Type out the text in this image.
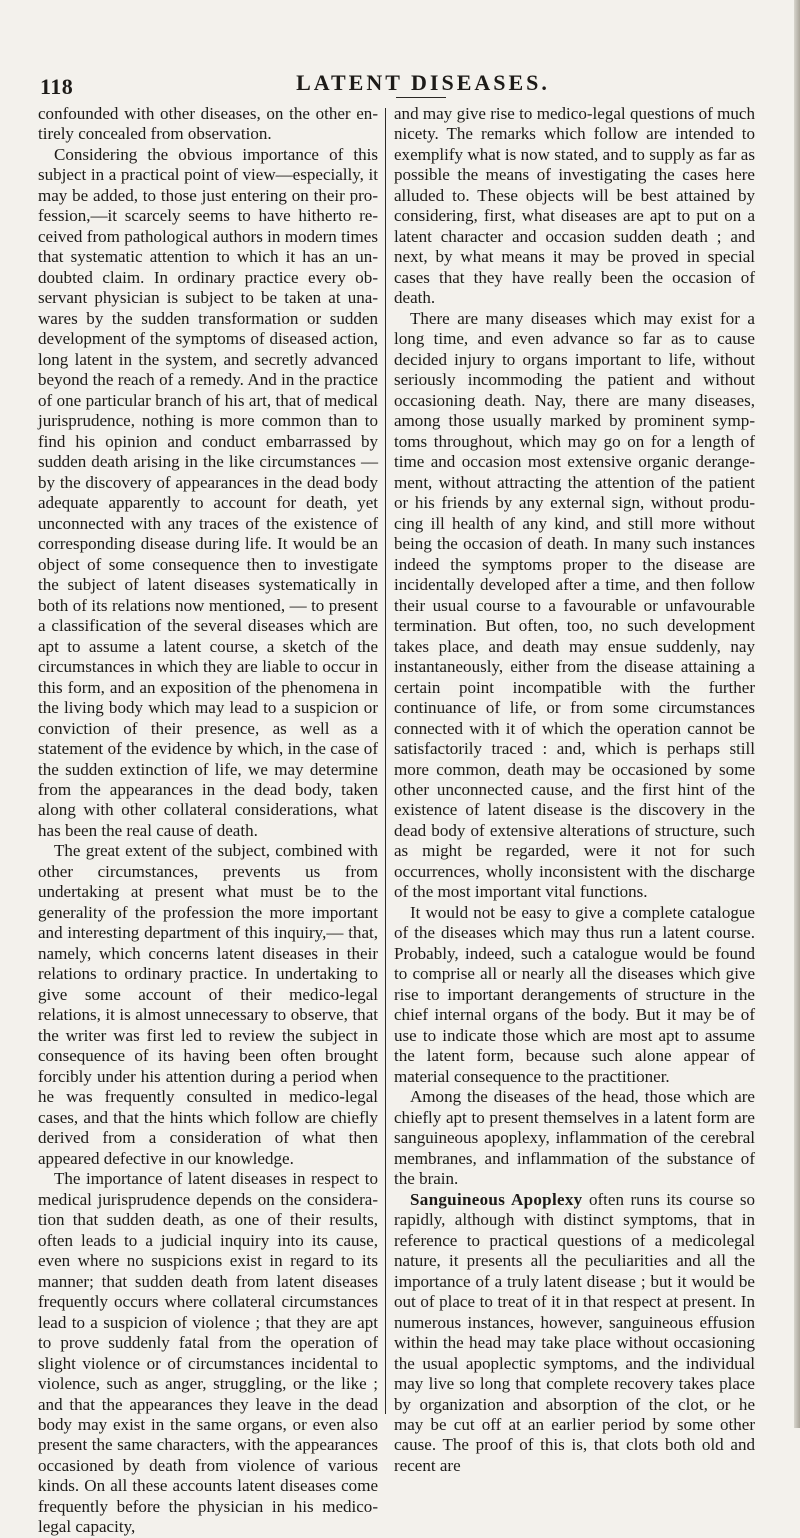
118	LATENT DISEASES.

confounded with other diseases, on the other entirely concealed from observation.

Considering the obvious importance of this subject in a practical point of view—especially, it may be added, to those just entering on their profession,—it scarcely seems to have hitherto received from pathological authors in modern times that systematic attention to which it has an undoubted claim. In ordinary practice every observant physician is subject to be taken at unawares by the sudden transformation or sudden development of the symptoms of diseased action, long latent in the system, and secretly advanced beyond the reach of a remedy. And in the practice of one particular branch of his art, that of medical jurisprudence, nothing is more common than to find his opinion and conduct embarrassed by sudden death arising in the like circumstances —by the discovery of appearances in the dead body adequate apparently to account for death, yet unconnected with any traces of the existence of corresponding disease during life. It would be an object of some consequence then to investigate the subject of latent diseases systematically in both of its relations now mentioned, — to present a classification of the several diseases which are apt to assume a latent course, a sketch of the circumstances in which they are liable to occur in this form, and an exposition of the phenomena in the living body which may lead to a suspicion or conviction of their presence, as well as a statement of the evidence by which, in the case of the sudden extinction of life, we may determine from the appearances in the dead body, taken along with other collateral considerations, what has been the real cause of death.

The great extent of the subject, combined with other circumstances, prevents us from undertaking at present what must be to the generality of the profession the more important and interesting department of this inquiry,— that, namely, which concerns latent diseases in their relations to ordinary practice. In undertaking to give some account of their medico-legal relations, it is almost unnecessary to observe, that the writer was first led to review the subject in consequence of its having been often brought forcibly under his attention during a period when he was frequently consulted in medico-legal cases, and that the hints which follow are chiefly derived from a consideration of what then appeared defective in our knowledge.

The importance of latent diseases in respect to medical jurisprudence depends on the consideration that sudden death, as one of their results, often leads to a judicial inquiry into its cause, even where no suspicions exist in regard to its manner; that sudden death from latent diseases frequently occurs where collateral circumstances lead to a suspicion of violence ; that they are apt to prove suddenly fatal from the operation of slight violence or of circumstances incidental to violence, such as anger, struggling, or the like ; and that the appearances they leave in the dead body may exist in the same organs, or even also present the same characters, with the appearances occasioned by death from violence of various kinds. On all these accounts latent diseases come frequently before the physician in his medico-legal capacity,

and may give rise to medico-legal questions of much nicety. The remarks which follow are intended to exemplify what is now stated, and to supply as far as possible the means of investigating the cases here alluded to. These objects will be best attained by considering, first, what diseases are apt to put on a latent character and occasion sudden death ; and next, by what means it may be proved in special cases that they have really been the occasion of death.

There are many diseases which may exist for a long time, and even advance so far as to cause decided injury to organs important to life, without seriously incommoding the patient and without occasioning death. Nay, there are many diseases, among those usually marked by prominent symptoms throughout, which may go on for a length of time and occasion most extensive organic derangement, without attracting the attention of the patient or his friends by any external sign, without producing ill health of any kind, and still more without being the occasion of death. In many such instances indeed the symptoms proper to the disease are incidentally developed after a time, and then follow their usual course to a favourable or unfavourable termination. But often, too, no such development takes place, and death may ensue suddenly, nay instantaneously, either from the disease attaining a certain point incompatible with the further continuance of life, or from some circumstances connected with it of which the operation cannot be satisfactorily traced : and, which is perhaps still more common, death may be occasioned by some other unconnected cause, and the first hint of the existence of latent disease is the discovery in the dead body of extensive alterations of structure, such as might be regarded, were it not for such occurrences, wholly inconsistent with the discharge of the most important vital functions.

It would not be easy to give a complete catalogue of the diseases which may thus run a latent course. Probably, indeed, such a catalogue would be found to comprise all or nearly all the diseases which give rise to important derangements of structure in the chief internal organs of the body. But it may be of use to indicate those which are most apt to assume the latent form, because such alone appear of material consequence to the practitioner.

Among the diseases of the head, those which are chiefly apt to present themselves in a latent form are sanguineous apoplexy, inflammation of the cerebral membranes, and inflammation of the substance of the brain.

Sanguineous Apoplexy often runs its course so rapidly, although with distinct symptoms, that in reference to practical questions of a medicolegal nature, it presents all the peculiarities and all the importance of a truly latent disease ; but it would be out of place to treat of it in that respect at present. In numerous instances, however, sanguineous effusion within the head may take place without occasioning the usual apoplectic symptoms, and the individual may live so long that complete recovery takes place by organization and absorption of the clot, or he may be cut off at an earlier period by some other cause. The proof of this is, that clots both old and recent are
